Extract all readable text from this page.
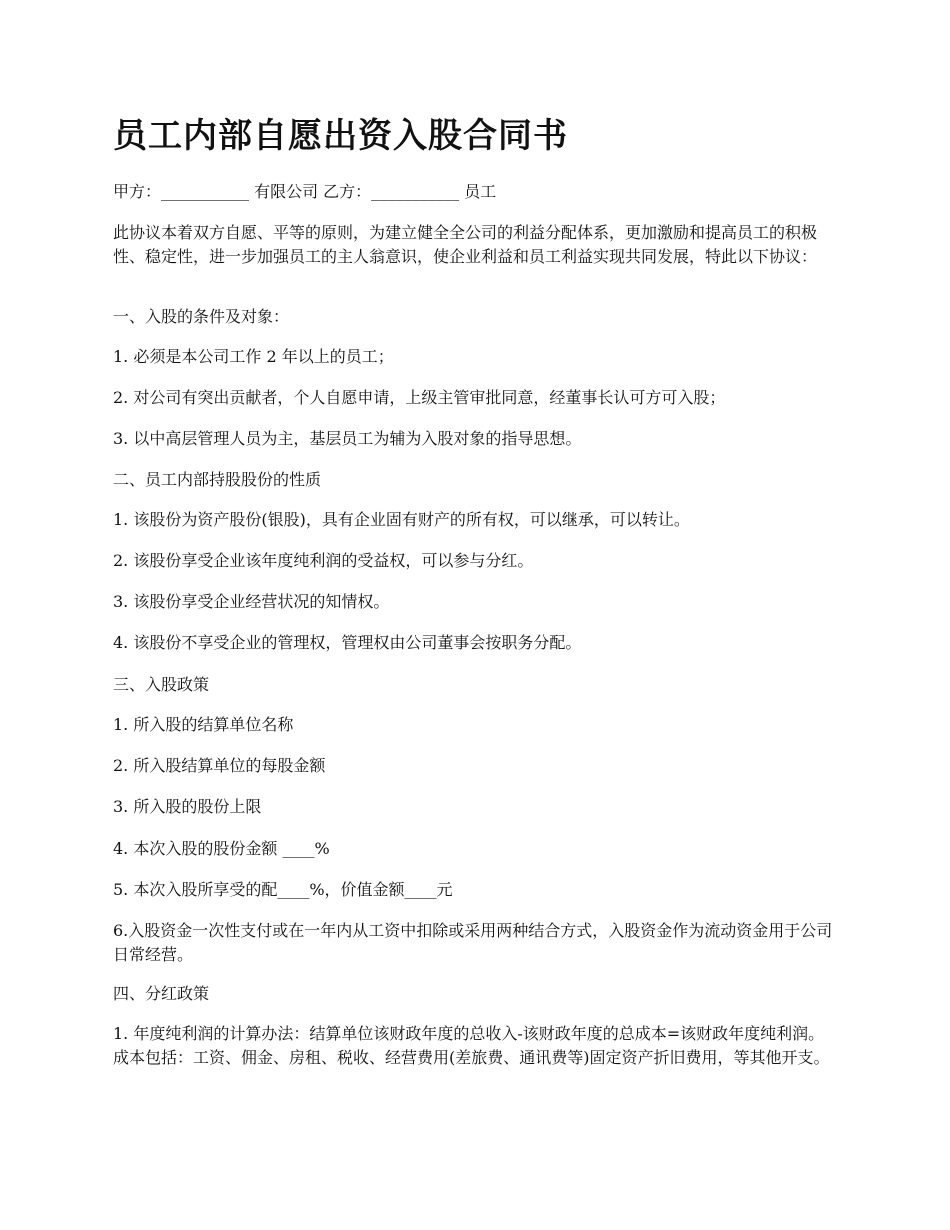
员工内部自愿出资入股合同书

甲方：___________ 有限公司 乙方：___________ 员工

此协议本着双方自愿、平等的原则，为建立健全全公司的利益分配体系，更加激励和提高员工的积极性、稳定性，进一步加强员工的主人翁意识，使企业利益和员工利益实现共同发展，特此以下协议：

一、入股的条件及对象：

1. 必须是本公司工作 2 年以上的员工；

2. 对公司有突出贡献者，个人自愿申请，上级主管审批同意，经董事长认可方可入股；

3. 以中高层管理人员为主，基层员工为辅为入股对象的指导思想。

二、员工内部持股股份的性质

1. 该股份为资产股份(银股)，具有企业固有财产的所有权，可以继承，可以转让。

2. 该股份享受企业该年度纯利润的受益权，可以参与分红。

3. 该股份享受企业经营状况的知情权。

4. 该股份不享受企业的管理权，管理权由公司董事会按职务分配。

三、入股政策

1. 所入股的结算单位名称

2. 所入股结算单位的每股金额

3. 所入股的股份上限

4. 本次入股的股份金额 ____%

5. 本次入股所享受的配____%，价值金额____元

6.入股资金一次性支付或在一年内从工资中扣除或采用两种结合方式，入股资金作为流动资金用于公司日常经营。

四、分红政策

1. 年度纯利润的计算办法：结算单位该财政年度的总收入-该财政年度的总成本=该财政年度纯利润。成本包括：工资、佣金、房租、税收、经营费用(差旅费、通讯费等)固定资产折旧费用，等其他开支。
